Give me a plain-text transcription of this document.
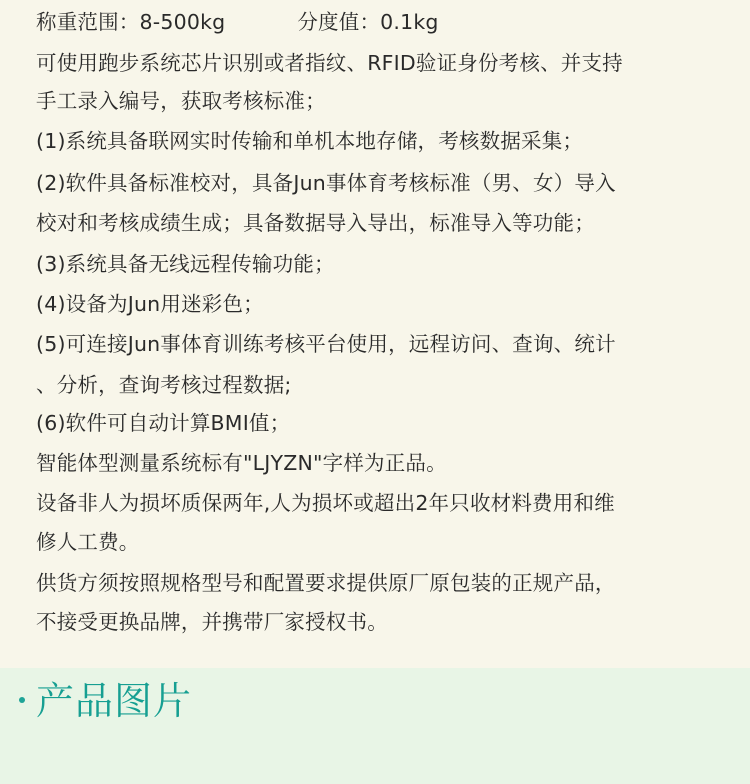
称重范围：8-500kg	分度值：0.1kg
可使用跑步系统芯片识别或者指纹、RFID验证身份考核、并支持
手工录入编号，获取考核标准；
(1)系统具备联网实时传输和单机本地存储，考核数据采集；
(2)软件具备标准校对，具备Jun事体育考核标准（男、女）导入
校对和考核成绩生成；具备数据导入导出，标准导入等功能；
(3)系统具备无线远程传输功能；
(4)设备为Jun用迷彩色；
(5)可连接Jun事体育训练考核平台使用，远程访问、查询、统计
、分析，查询考核过程数据;
(6)软件可自动计算BMI值；
智能体型测量系统标有"LJYZN"字样为正品。
设备非人为损坏质保两年,人为损坏或超出2年只收材料费用和维
修人工费。
供货方须按照规格型号和配置要求提供原厂原包装的正规产品，
不接受更换品牌，并携带厂家授权书。
产品图片
